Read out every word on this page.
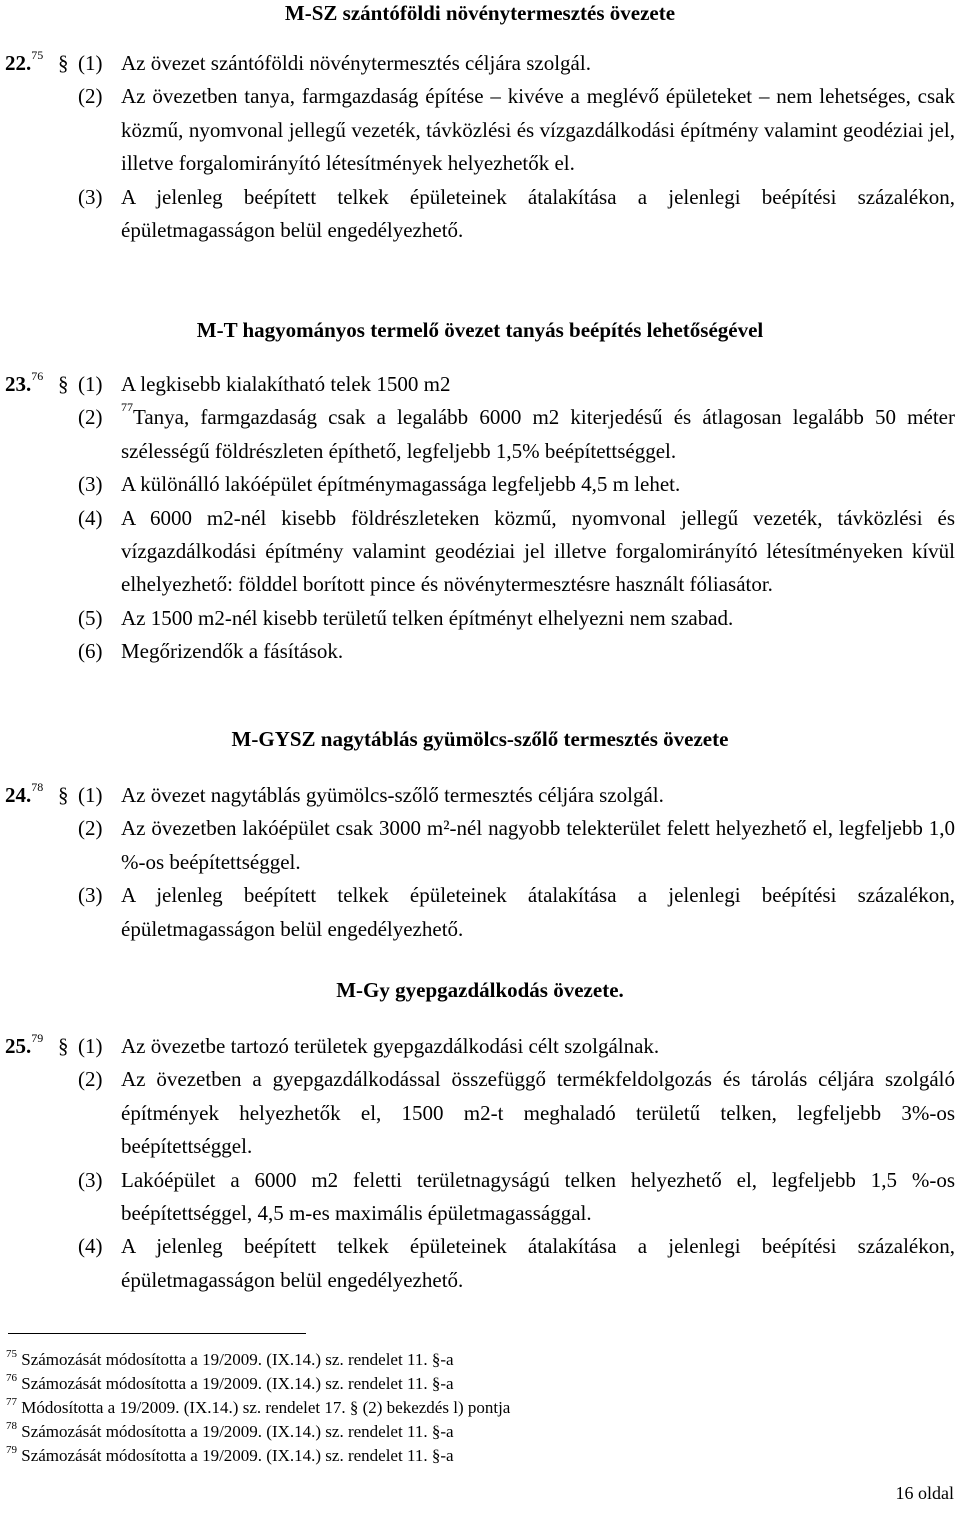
M-SZ szántóföldi növénytermesztés övezete
22.75 § (1) Az övezet szántóföldi növénytermesztés céljára szolgál.
(2) Az övezetben tanya, farmgazdaság építése – kivéve a meglévő épületeket – nem lehetséges, csak közmű, nyomvonal jellegű vezeték, távközlési és vízgazdálkodási építmény valamint geodéziai jel, illetve forgalomirányító létesítmények helyezhetők el.
(3) A jelenleg beépített telkek épületeinek átalakítása a jelenlegi beépítési százalékon, épületmagasságon belül engedélyezhető.
M-T hagyományos termelő övezet tanyás beépítés lehetőségével
23.76 § (1) A legkisebb kialakítható telek 1500 m2
(2)	$^{77}$Tanya, farmgazdaság csak a legalább 6000 m2 kiterjedésű és átlagosan legalább 50 méter szélességű földrészleten építhető, legfeljebb 1,5% beépítettséggel.
(3) A különálló lakóépület építménymagassága legfeljebb 4,5 m lehet.
(4) A 6000 m2-nél kisebb földrészleteken közmű, nyomvonal jellegű vezeték, távközlési és vízgazdálkodási építmény valamint geodéziai jel illetve forgalomirányító létesítményeken kívül elhelyezhető: földdel borított pince és növénytermesztésre használt fóliasátor.
(5) Az 1500 m2-nél kisebb területű telken építményt elhelyezni nem szabad.
(6) Megőrizendők a fásítások.
M-GYSZ nagytáblás gyümölcs-szőlő termesztés övezete
24.78 § (1) Az övezet nagytáblás gyümölcs-szőlő termesztés céljára szolgál.
(2) Az övezetben lakóépület csak 3000 m²-nél nagyobb telekterület felett helyezhető el, legfeljebb 1,0 %-os beépítettséggel.
(3) A jelenleg beépített telkek épületeinek átalakítása a jelenlegi beépítési százalékon, épületmagasságon belül engedélyezhető.
M-Gy gyepgazdálkodás övezete.
25.79 § (1) Az övezetbe tartozó területek gyepgazdálkodási célt szolgálnak.
(2) Az övezetben a gyepgazdálkodással összefüggő termékfeldolgozás és tárolás céljára szolgáló építmények helyezhetők el, 1500 m2-t meghaladó területű telken, legfeljebb 3%-os beépítettséggel.
(3) Lakóépület a 6000 m2 feletti területnagyságú telken helyezhető el, legfeljebb 1,5 %-os beépítettséggel, 4,5 m-es maximális épületmagassággal.
(4) A jelenleg beépített telkek épületeinek átalakítása a jelenlegi beépítési százalékon, épületmagasságon belül engedélyezhető.
$^{75}$ Számozását módosította a 19/2009. (IX.14.) sz. rendelet 11. §-a
$^{76}$ Számozását módosította a 19/2009. (IX.14.) sz. rendelet 11. §-a
$^{77}$ Módosította a 19/2009. (IX.14.) sz. rendelet 17. § (2) bekezdés l) pontja
$^{78}$ Számozását módosította a 19/2009. (IX.14.) sz. rendelet 11. §-a
$^{79}$ Számozását módosította a 19/2009. (IX.14.) sz. rendelet 11. §-a
16 oldal
